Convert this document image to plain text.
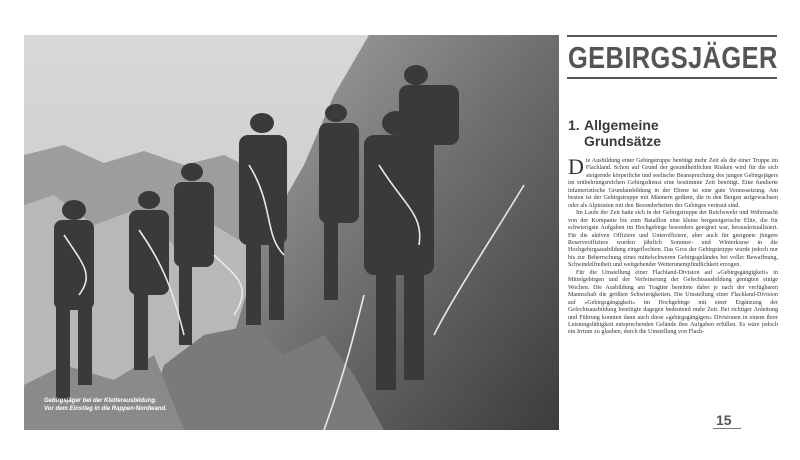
Gebirgsjäger bei der Kletterausbildung.
Vor dem Einstieg in die Rappen-Nordwand.
GEBIRGSJÄGER
1. Allgemeine
Grundsätze

Die Ausbildung einer Gebirgstruppe benötigt mehr Zeit als die einer Truppe im Flachland. Schon auf Grund der gesundheitlichen Risiken wird für die sich steigernde körperliche und seelische Beanspruchung des jungen Gebirgsjägers im entbehrungsreichen Gebirgsdienst eine bestimmte Zeit benötigt. Eine fundierte infanteristische Grundausbildung in der Ebene ist eine gute Voraussetzung. Am besten ist der Gebirgstruppe mit Männern gedient, die in den Bergen aufgewachsen oder als Alpinisten mit den Besonderheiten des Gebirges vertraut sind.

Im Laufe der Zeit hatte sich in der Gebirgstruppe der Reichswehr und Wehrmacht von der Kompanie bis zum Bataillon eine kleine bergsteigerische Elite, die für schwierigste Aufgaben im Hochgebirge besonders geeignet war, herauskristallisiert. Für die aktiven Offiziere und Unteroffiziere, aber auch für geeignete jüngere Reserveoffiziere wurden jährlich Sommer- und Winterkurse in die Hochgebirgsausbildung eingeflochten. Das Gros der Gebirgstruppe wurde jedoch nur bis zur Beherrschung eines mittelschweren Gebirgsgeländes bei voller Bewaffnung, Schwindelfreiheit und weitgehender Wetterunempfindlichkeit erzogen.

Für die Umstellung einer Flachland-Division auf »Gebirgsgängigkeit« in Mittelgebirgen und der Verfeinerung der Gefechtsausbildung genügten einige Wochen. Die Ausbildung am Tragtier bereitete dabei je nach der verfügbaren Mannschaft die größten Schwierigkeiten. Die Umstellung einer Flachland-Division auf »Gebirgsgängigkeit« im Hochgebirge mit einer Ergänzung der Gefechtsausbildung benötigte dagegen bedeutend mehr Zeit. Bei richtiger Anleitung und Führung konnten dann auch diese »gebirgsgängigen« Divisionen in einem ihrer Leistungsfähigkeit entsprechenden Gelände ihre Aufgaben erfüllen. Es wäre jedoch ein Irrtum zu glauben, durch die Umstellung von Flach-

15
